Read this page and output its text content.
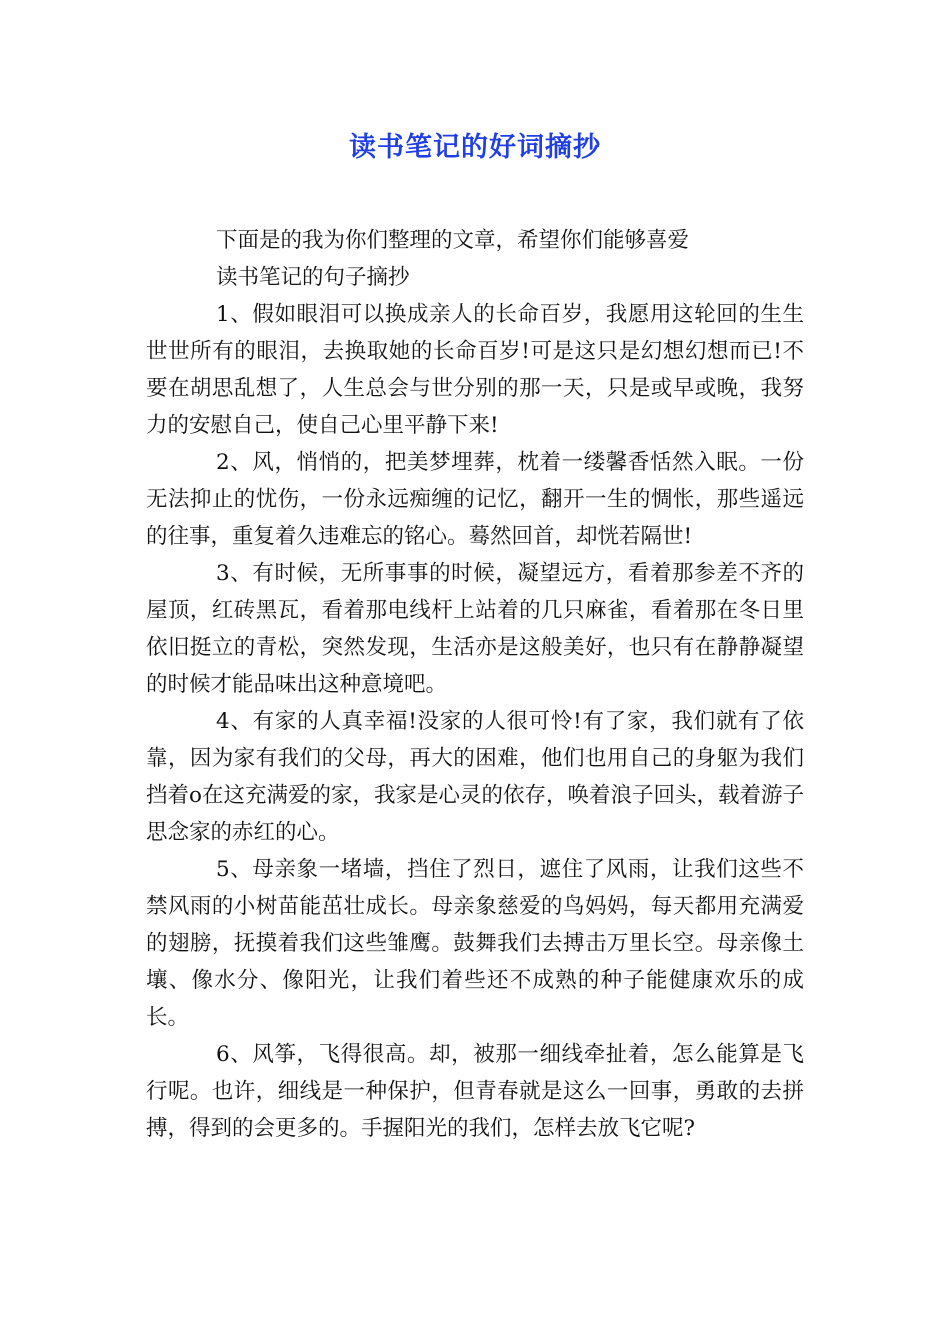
读书笔记的好词摘抄

下面是的我为你们整理的文章，希望你们能够喜爱

读书笔记的句子摘抄

1、假如眼泪可以换成亲人的长命百岁，我愿用这轮回的生生世世所有的眼泪，去换取她的长命百岁!可是这只是幻想幻想而已!不要在胡思乱想了，人生总会与世分别的那一天，只是或早或晚，我努力的安慰自己，使自己心里平静下来!

2、风，悄悄的，把美梦埋葬，枕着一缕馨香恬然入眠。一份无法抑止的忧伤，一份永远痴缠的记忆，翻开一生的惆怅，那些遥远的往事，重复着久违难忘的铭心。蓦然回首，却恍若隔世!

3、有时候，无所事事的时候，凝望远方，看着那参差不齐的屋顶，红砖黑瓦，看着那电线杆上站着的几只麻雀，看着那在冬日里依旧挺立的青松，突然发现，生活亦是这般美好，也只有在静静凝望的时候才能品味出这种意境吧。

4、有家的人真幸福!没家的人很可怜!有了家，我们就有了依靠，因为家有我们的父母，再大的困难，他们也用自己的身躯为我们挡着o在这充满爱的家，我家是心灵的依存，唤着浪子回头，载着游子思念家的赤红的心。

5、母亲象一堵墙，挡住了烈日，遮住了风雨，让我们这些不禁风雨的小树苗能茁壮成长。母亲象慈爱的鸟妈妈，每天都用充满爱的翅膀，抚摸着我们这些雏鹰。鼓舞我们去搏击万里长空。母亲像土壤、像水分、像阳光，让我们着些还不成熟的种子能健康欢乐的成长。

6、风筝，飞得很高。却，被那一细线牵扯着，怎么能算是飞行呢。也许，细线是一种保护，但青春就是这么一回事，勇敢的去拼搏，得到的会更多的。手握阳光的我们，怎样去放飞它呢?
